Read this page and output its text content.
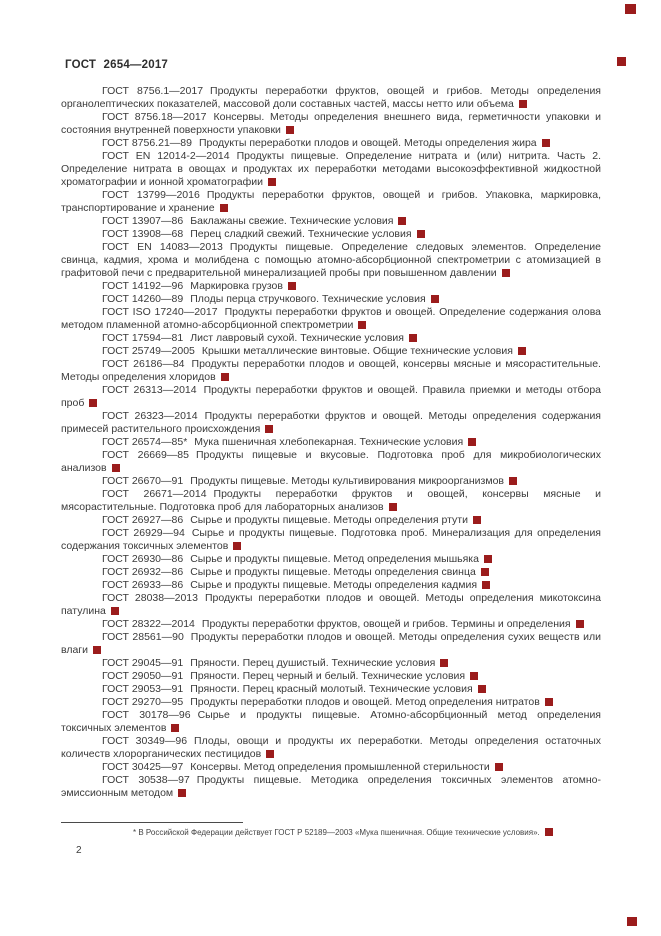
ГОСТ 2654—2017

ГОСТ 8756.1—2017 Продукты переработки фруктов, овощей и грибов. Методы определения органолептических показателей, массовой доли составных частей, массы нетто или объема

ГОСТ 8756.18—2017 Консервы. Методы определения внешнего вида, герметичности упаковки и состояния внутренней поверхности упаковки

ГОСТ 8756.21—89 Продукты переработки плодов и овощей. Методы определения жира

ГОСТ EN 12014-2—2014 Продукты пищевые. Определение нитрата и (или) нитрита. Часть 2. Определение нитрата в овощах и продуктах их переработки методами высокоэффективной жидкостной хроматографии и ионной хроматографии

ГОСТ 13799—2016 Продукты переработки фруктов, овощей и грибов. Упаковка, маркировка, транспортирование и хранение

ГОСТ 13907—86 Баклажаны свежие. Технические условия

ГОСТ 13908—68 Перец сладкий свежий. Технические условия

ГОСТ EN 14083—2013 Продукты пищевые. Определение следовых элементов. Определение свинца, кадмия, хрома и молибдена с помощью атомно-абсорбционной спектрометрии с атомизацией в графитовой печи с предварительной минерализацией пробы при повышенном давлении

ГОСТ 14192—96 Маркировка грузов

ГОСТ 14260—89 Плоды перца стручкового. Технические условия

ГОСТ ISO 17240—2017 Продукты переработки фруктов и овощей. Определение содержания олова методом пламенной атомно-абсорбционной спектрометрии

ГОСТ 17594—81 Лист лавровый сухой. Технические условия

ГОСТ 25749—2005 Крышки металлические винтовые. Общие технические условия

ГОСТ 26186—84 Продукты переработки плодов и овощей, консервы мясные и мясорастительные. Методы определения хлоридов

ГОСТ 26313—2014 Продукты переработки фруктов и овощей. Правила приемки и методы отбора проб

ГОСТ 26323—2014 Продукты переработки фруктов и овощей. Методы определения содержания примесей растительного происхождения

ГОСТ 26574—85* Мука пшеничная хлебопекарная. Технические условия

ГОСТ 26669—85 Продукты пищевые и вкусовые. Подготовка проб для микробиологических анализов

ГОСТ 26670—91 Продукты пищевые. Методы культивирования микроорганизмов

ГОСТ 26671—2014 Продукты переработки фруктов и овощей, консервы мясные и мясорастительные. Подготовка проб для лабораторных анализов

ГОСТ 26927—86 Сырье и продукты пищевые. Методы определения ртути

ГОСТ 26929—94 Сырье и продукты пищевые. Подготовка проб. Минерализация для определения содержания токсичных элементов

ГОСТ 26930—86 Сырье и продукты пищевые. Метод определения мышьяка

ГОСТ 26932—86 Сырье и продукты пищевые. Методы определения свинца

ГОСТ 26933—86 Сырье и продукты пищевые. Методы определения кадмия

ГОСТ 28038—2013 Продукты переработки плодов и овощей. Методы определения микотоксина патулина

ГОСТ 28322—2014 Продукты переработки фруктов, овощей и грибов. Термины и определения

ГОСТ 28561—90 Продукты переработки плодов и овощей. Методы определения сухих веществ или влаги

ГОСТ 29045—91 Пряности. Перец душистый. Технические условия

ГОСТ 29050—91 Пряности. Перец черный и белый. Технические условия

ГОСТ 29053—91 Пряности. Перец красный молотый. Технические условия

ГОСТ 29270—95 Продукты переработки плодов и овощей. Метод определения нитратов

ГОСТ 30178—96 Сырье и продукты пищевые. Атомно-абсорбционный метод определения токсичных элементов

ГОСТ 30349—96 Плоды, овощи и продукты их переработки. Методы определения остаточных количеств хлорорганических пестицидов

ГОСТ 30425—97 Консервы. Метод определения промышленной стерильности

ГОСТ 30538—97 Продукты пищевые. Методика определения токсичных элементов атомно-эмиссионным методом

* В Российской Федерации действует ГОСТ Р 52189—2003 «Мука пшеничная. Общие технические условия».

2
